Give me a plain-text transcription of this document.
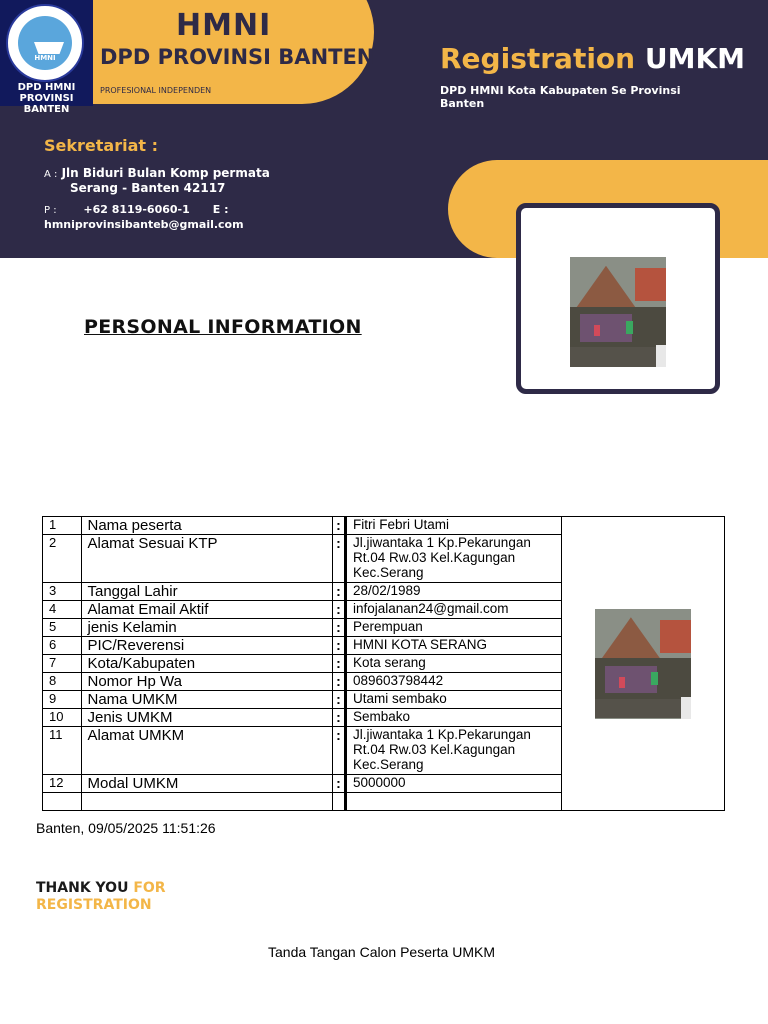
HMNI
DPD HMNI
PROVINSI BANTEN
HMNI
DPD PROVINSI BANTEN
PROFESIONAL INDEPENDEN
Registration UMKM
DPD HMNI Kota Kabupaten Se Provinsi Banten
Sekretariat :
A : Jln Biduri Bulan Komp permata
Serang - Banten 42117
P : +62 8119-6060-1 E :
hmniprovinsibanteb@gmail.com
PERSONAL INFORMATION
1	Nama peserta	:	Fitri Febri Utami	

2	Alamat Sesuai KTP	:	Jl.jiwantaka 1 Kp.Pekarungan Rt.04 Rw.03 Kel.Kagungan Kec.Serang	
3	Tanggal Lahir	:	28/02/1989	
4	Alamat Email Aktif	:	infojalanan24@gmail.com	
5	jenis Kelamin	:	Perempuan	
6	PIC/Reverensi	:	HMNI KOTA SERANG	
7	Kota/Kabupaten	:	Kota serang	
8	Nomor Hp Wa	:	089603798442	
9	Nama UMKM	:	Utami sembako	
10	Jenis UMKM	:	Sembako	
11	Alamat UMKM	:	Jl.jiwantaka 1 Kp.Pekarungan Rt.04 Rw.03 Kel.Kagungan Kec.Serang	
12	Modal UMKM	:	5000000	

Banten, 09/05/2025 11:51:26
THANK YOU FOR
REGISTRATION
Tanda Tangan Calon Peserta UMKM
